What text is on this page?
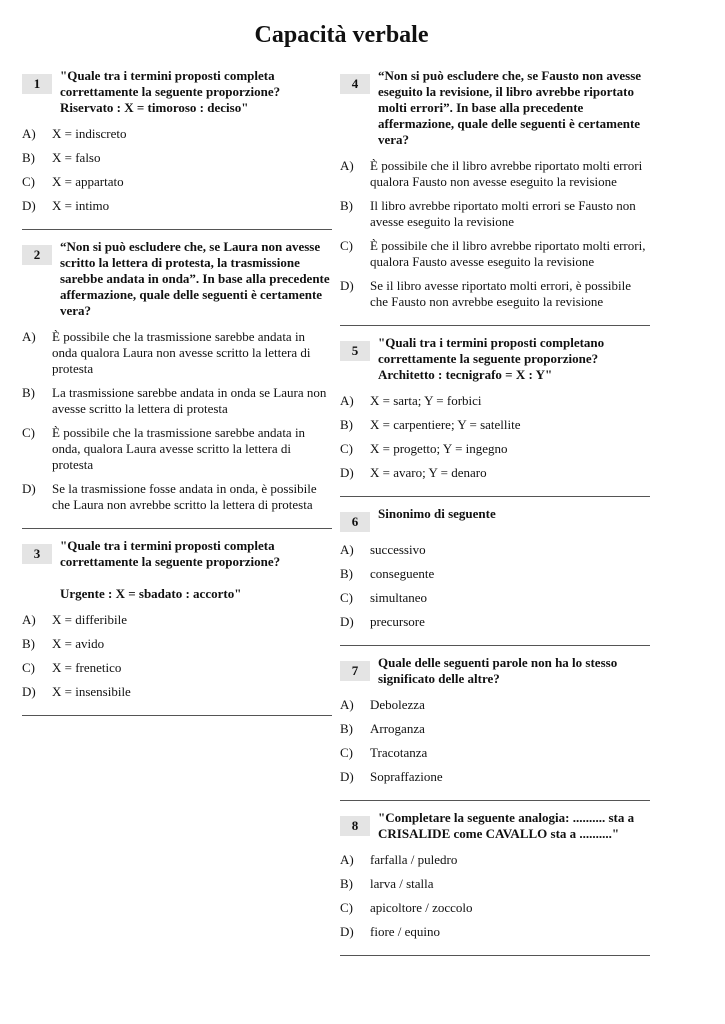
Capacità verbale
1
"Quale tra i termini proposti completa correttamente la seguente proporzione?Riservato : X = timoroso : deciso"
A)	X = indiscreto
B)	X = falso
C)	X = appartato
D)	X = intimo
2
“Non si può escludere che, se Laura non avesse scritto la lettera di protesta, la trasmissione sarebbe andata in onda”. In base alla precedente affermazione, quale delle seguenti è certamente vera?
A)	È possibile che la trasmissione sarebbe andata in onda qualora Laura non avesse scritto la lettera di protesta
B)	La trasmissione sarebbe andata in onda se Laura non avesse scritto la lettera di protesta
C)	È possibile che la trasmissione sarebbe andata in onda, qualora Laura avesse scritto la lettera di protesta
D)	Se la trasmissione fosse andata in onda, è possibile che Laura non avrebbe scritto la lettera di protesta
3
"Quale tra i termini proposti completa correttamente la seguente proporzione?

Urgente : X = sbadato : accorto"
A)	X = differibile
B)	X = avido
C)	X = frenetico
D)	X = insensibile
4
“Non si può escludere che, se Fausto non avesse eseguito la revisione, il libro avrebbe riportato molti errori”. In base alla precedente affermazione, quale delle seguenti è certamente vera?
A)	È possibile che il libro avrebbe riportato molti errori qualora Fausto non avesse eseguito la revisione
B)	Il libro avrebbe riportato molti errori se Fausto non avesse eseguito la revisione
C)	È possibile che il libro avrebbe riportato molti errori, qualora Fausto avesse eseguito la revisione
D)	Se il libro avesse riportato molti errori, è possibile che Fausto non avrebbe eseguito la revisione
5
"Quali tra i termini proposti completano correttamente la seguente proporzione?Architetto : tecnigrafo = X : Y"
A)	X = sarta; Y = forbici
B)	X = carpentiere; Y = satellite
C)	X = progetto; Y = ingegno
D)	X = avaro; Y = denaro
6
Sinonimo di seguente
A)	successivo
B)	conseguente
C)	simultaneo
D)	precursore
7
Quale delle seguenti parole non ha lo stesso significato delle altre?
A)	Debolezza
B)	Arroganza
C)	Tracotanza
D)	Sopraffazione
8
"Completare la seguente analogia: .......... sta a CRISALIDE come CAVALLO sta a .........."
A)	farfalla / puledro
B)	larva / stalla
C)	apicoltore / zoccolo
D)	fiore / equino
